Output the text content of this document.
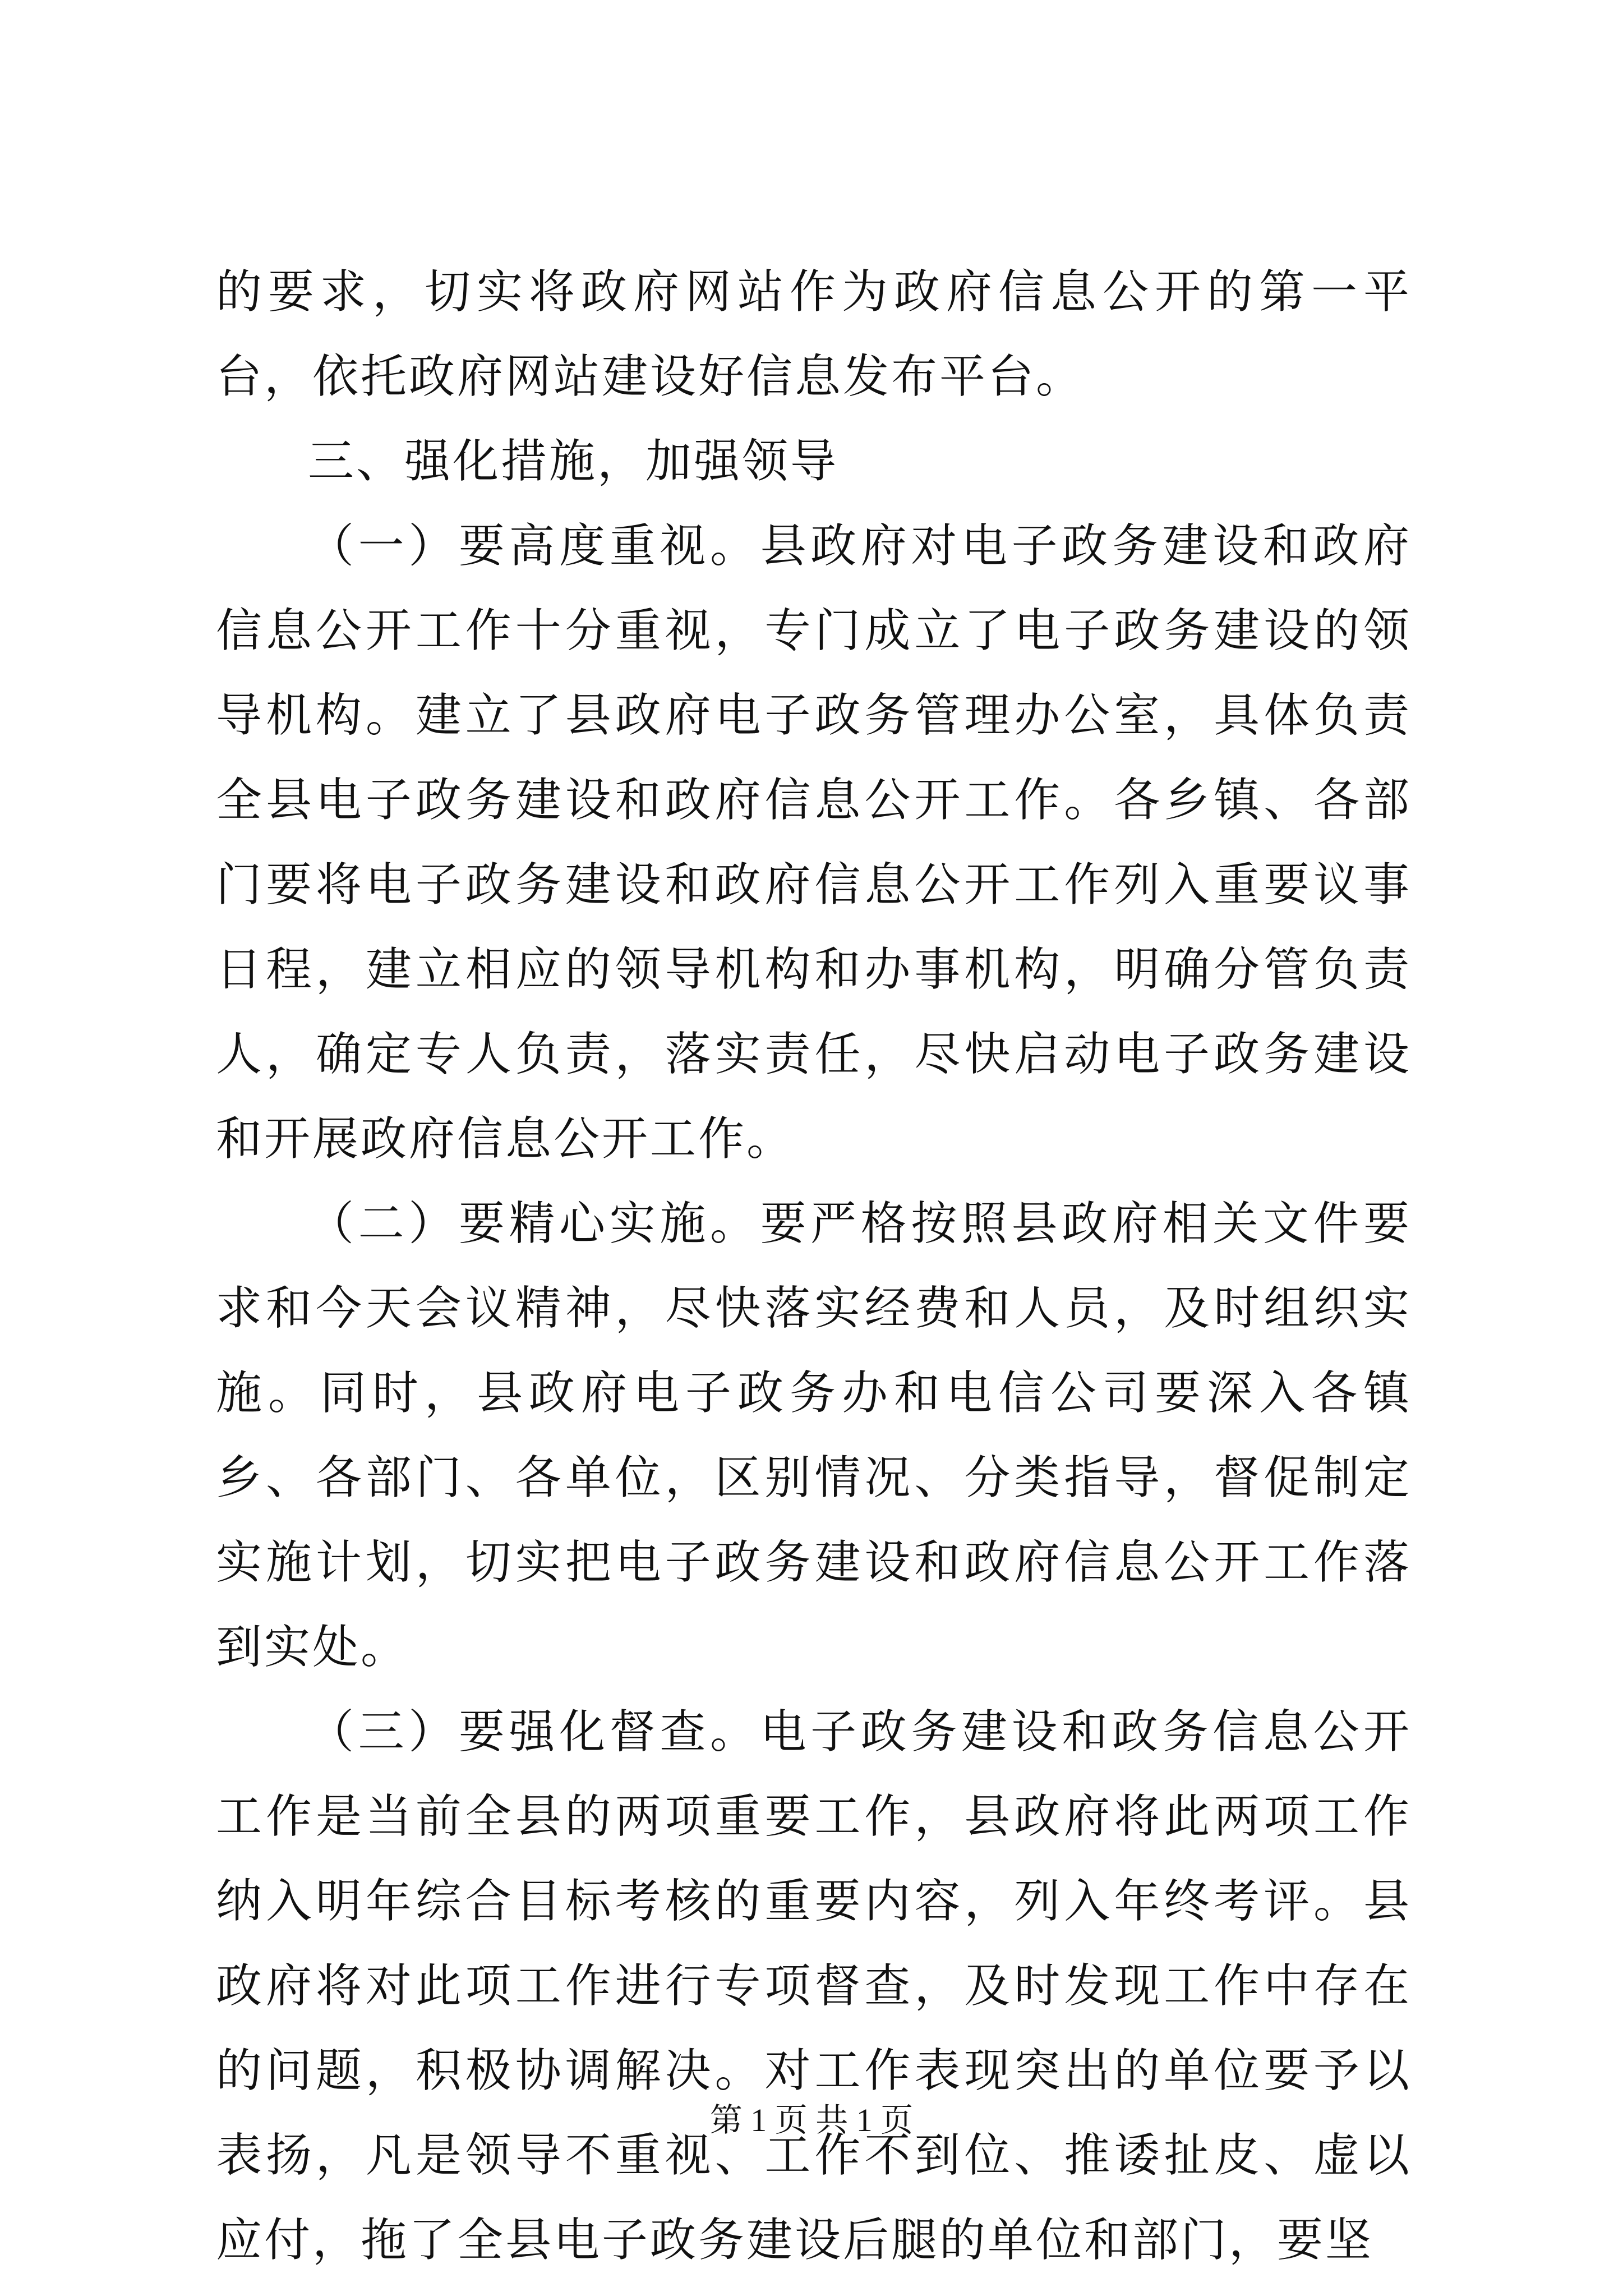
的要求，切实将政府网站作为政府信息公开的第一平台，依托政府网站建设好信息发布平台。

三、强化措施，加强领导

（一）要高度重视。县政府对电子政务建设和政府信息公开工作十分重视，专门成立了电子政务建设的领导机构。建立了县政府电子政务管理办公室，具体负责全县电子政务建设和政府信息公开工作。各乡镇、各部门要将电子政务建设和政府信息公开工作列入重要议事日程，建立相应的领导机构和办事机构，明确分管负责人，确定专人负责，落实责任，尽快启动电子政务建设和开展政府信息公开工作。

（二）要精心实施。要严格按照县政府相关文件要求和今天会议精神，尽快落实经费和人员，及时组织实施。同时，县政府电子政务办和电信公司要深入各镇乡、各部门、各单位，区别情况、分类指导，督促制定实施计划，切实把电子政务建设和政府信息公开工作落到实处。

（三）要强化督查。电子政务建设和政务信息公开工作是当前全县的两项重要工作，县政府将此两项工作纳入明年综合目标考核的重要内容，列入年终考评。县政府将对此项工作进行专项督查，及时发现工作中存在的问题，积极协调解决。对工作表现突出的单位要予以表扬，凡是领导不重视、工作不到位、推诿扯皮、虚以应付，拖了全县电子政务建设后腿的单位和部门，要坚

第 1 页 共 1 页
